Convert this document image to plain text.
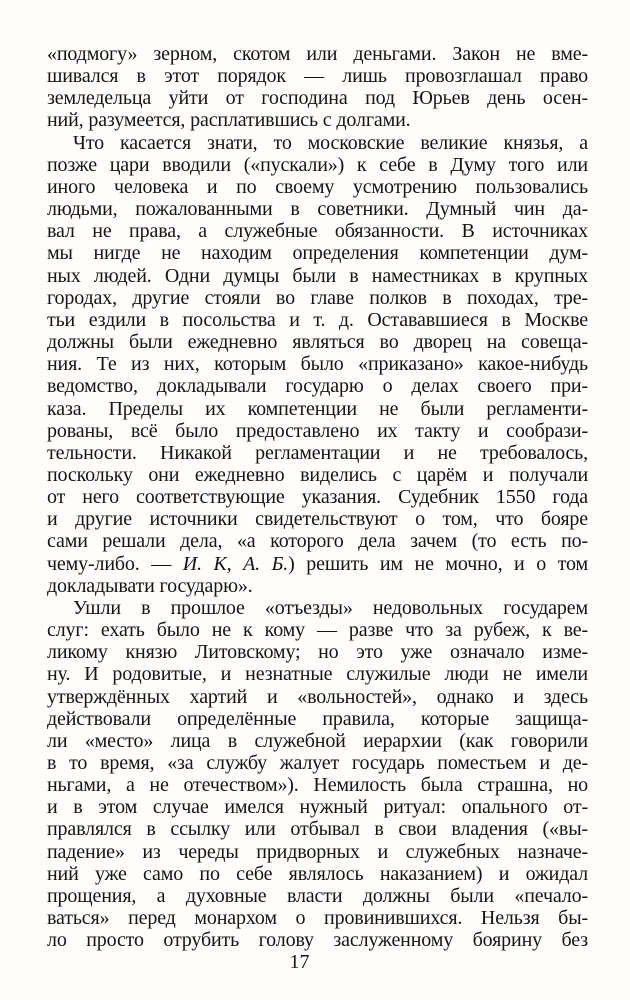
«подмогу» зерном, скотом или деньгами. Закон не вме-
шивался в этот порядок — лишь провозглашал право
земледельца уйти от господина под Юрьев день осен-
ний, разумеется, расплатившись с долгами.
Что касается знати, то московские великие князья, а
позже цари вводили («пускали») к себе в Думу того или
иного человека и по своему усмотрению пользовались
людьми, пожалованными в советники. Думный чин да-
вал не права, а служебные обязанности. В источниках
мы нигде не находим определения компетенции дум-
ных людей. Одни думцы были в наместниках в крупных
городах, другие стояли во главе полков в походах, тре-
тьи ездили в посольства и т. д. Остававшиеся в Москве
должны были ежедневно являться во дворец на совеща-
ния. Те из них, которым было «приказано» какое-нибудь
ведомство, докладывали государю о делах своего при-
каза. Пределы их компетенции не были регламенти-
рованы, всё было предоставлено их такту и сообрази-
тельности. Никакой регламентации и не требовалось,
поскольку они ежедневно виделись с царём и получали
от него соответствующие указания. Судебник 1550 года
и другие источники свидетельствуют о том, что бояре
сами решали дела, «а которого дела зачем (то есть по-
чему-либо. — И. К, А. Б.) решить им не мочно, и о том
докладывати государю».
Ушли в прошлое «отъезды» недовольных государем
слуг: ехать было не к кому — разве что за рубеж, к ве-
ликому князю Литовскому; но это уже означало изме-
ну. И родовитые, и незнатные служилые люди не имели
утверждённых хартий и «вольностей», однако и здесь
действовали определённые правила, которые защища-
ли «место» лица в служебной иерархии (как говорили
в то время, «за службу жалует государь поместьем и де-
ньгами, а не отечеством»). Немилость была страшна, но
и в этом случае имелся нужный ритуал: опального от-
правлялся в ссылку или отбывал в свои владения («вы-
падение» из череды придворных и служебных назначе-
ний уже само по себе являлось наказанием) и ожидал
прощения, а духовные власти должны были «печало-
ваться» перед монархом о провинившихся. Нельзя бы-
ло просто отрубить голову заслуженному боярину без
17
